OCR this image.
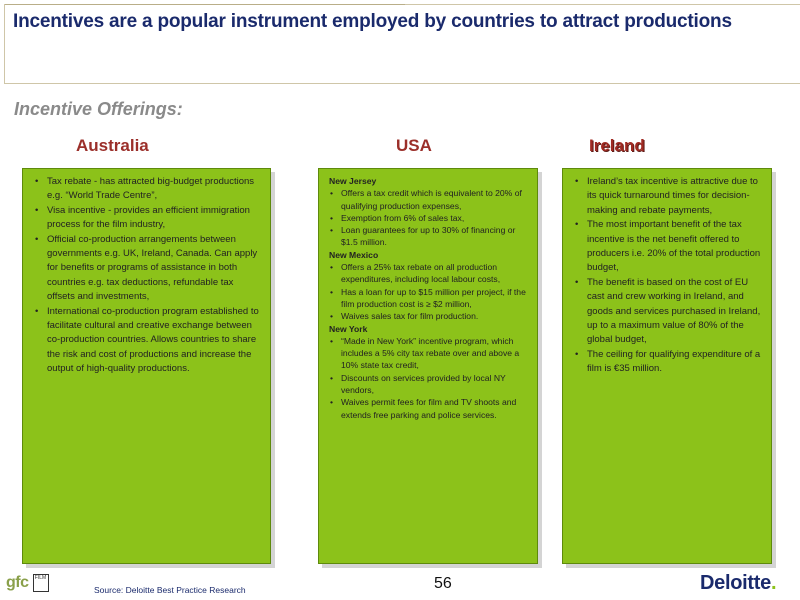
Incentives are a popular instrument employed by countries to attract productions
Incentive Offerings:
Australia	USA	Ireland
• Tax rebate - has attracted big-budget productions e.g. “World Trade Centre”,
• Visa incentive - provides an efficient immigration process for the film industry,
• Official co-production arrangements between governments e.g. UK, Ireland, Canada. Can apply for benefits or programs of assistance in both countries e.g. tax deductions, refundable tax offsets and investments,
• International co-production program established to facilitate cultural and creative exchange between co-production countries. Allows countries to share the risk and cost of productions and increase the output of high-quality productions.
New Jersey
• Offers a tax credit which is equivalent to 20% of qualifying production expenses,
• Exemption from 6% of sales tax,
• Loan guarantees for up to 30% of financing or $1.5 million.
New Mexico
• Offers a 25% tax rebate on all production expenditures, including local labour costs,
• Has a loan for up to $15 million per project, if the film production cost is ≥ $2 million,
• Waives sales tax for film production.
New York
• “Made in New York” incentive program, which includes a 5% city tax rebate over and above a 10% state tax credit,
• Discounts on services provided by local NY vendors,
• Waives permit fees for film and TV shoots and extends free parking and police services.
• Ireland’s tax incentive is attractive due to its quick turnaround times for decision-making and rebate payments,
• The most important benefit of the tax incentive is the net benefit offered to producers i.e. 20% of the total production budget,
• The benefit is based on the cost of EU cast and crew working in Ireland, and goods and services purchased in Ireland, up to a maximum value of 80% of the global budget,
• The ceiling for qualifying expenditure of a film is €35 million.
gfc	FILM
Source: Deloitte Best Practice Research	56	Deloitte.
